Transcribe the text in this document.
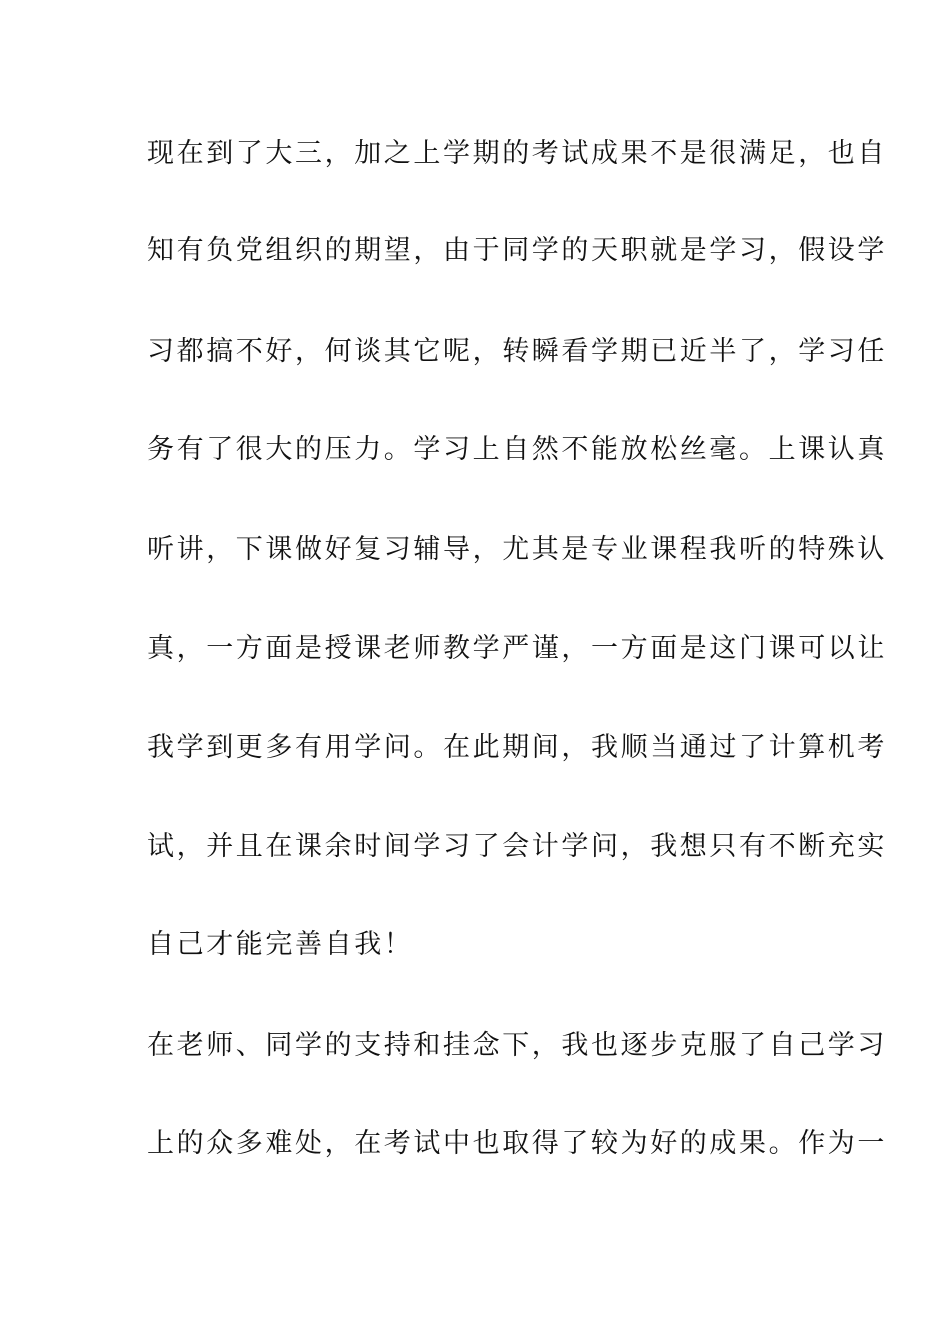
现在到了大三，加之上学期的考试成果不是很满足，也自
知有负党组织的期望，由于同学的天职就是学习，假设学
习都搞不好，何谈其它呢，转瞬看学期已近半了，学习任
务有了很大的压力。学习上自然不能放松丝毫。上课认真
听讲，下课做好复习辅导，尤其是专业课程我听的特殊认
真，一方面是授课老师教学严谨，一方面是这门课可以让
我学到更多有用学问。在此期间，我顺当通过了计算机考
试，并且在课余时间学习了会计学问，我想只有不断充实
自己才能完善自我！
在老师、同学的支持和挂念下，我也逐步克服了自己学习
上的众多难处，在考试中也取得了较为好的成果。作为一
